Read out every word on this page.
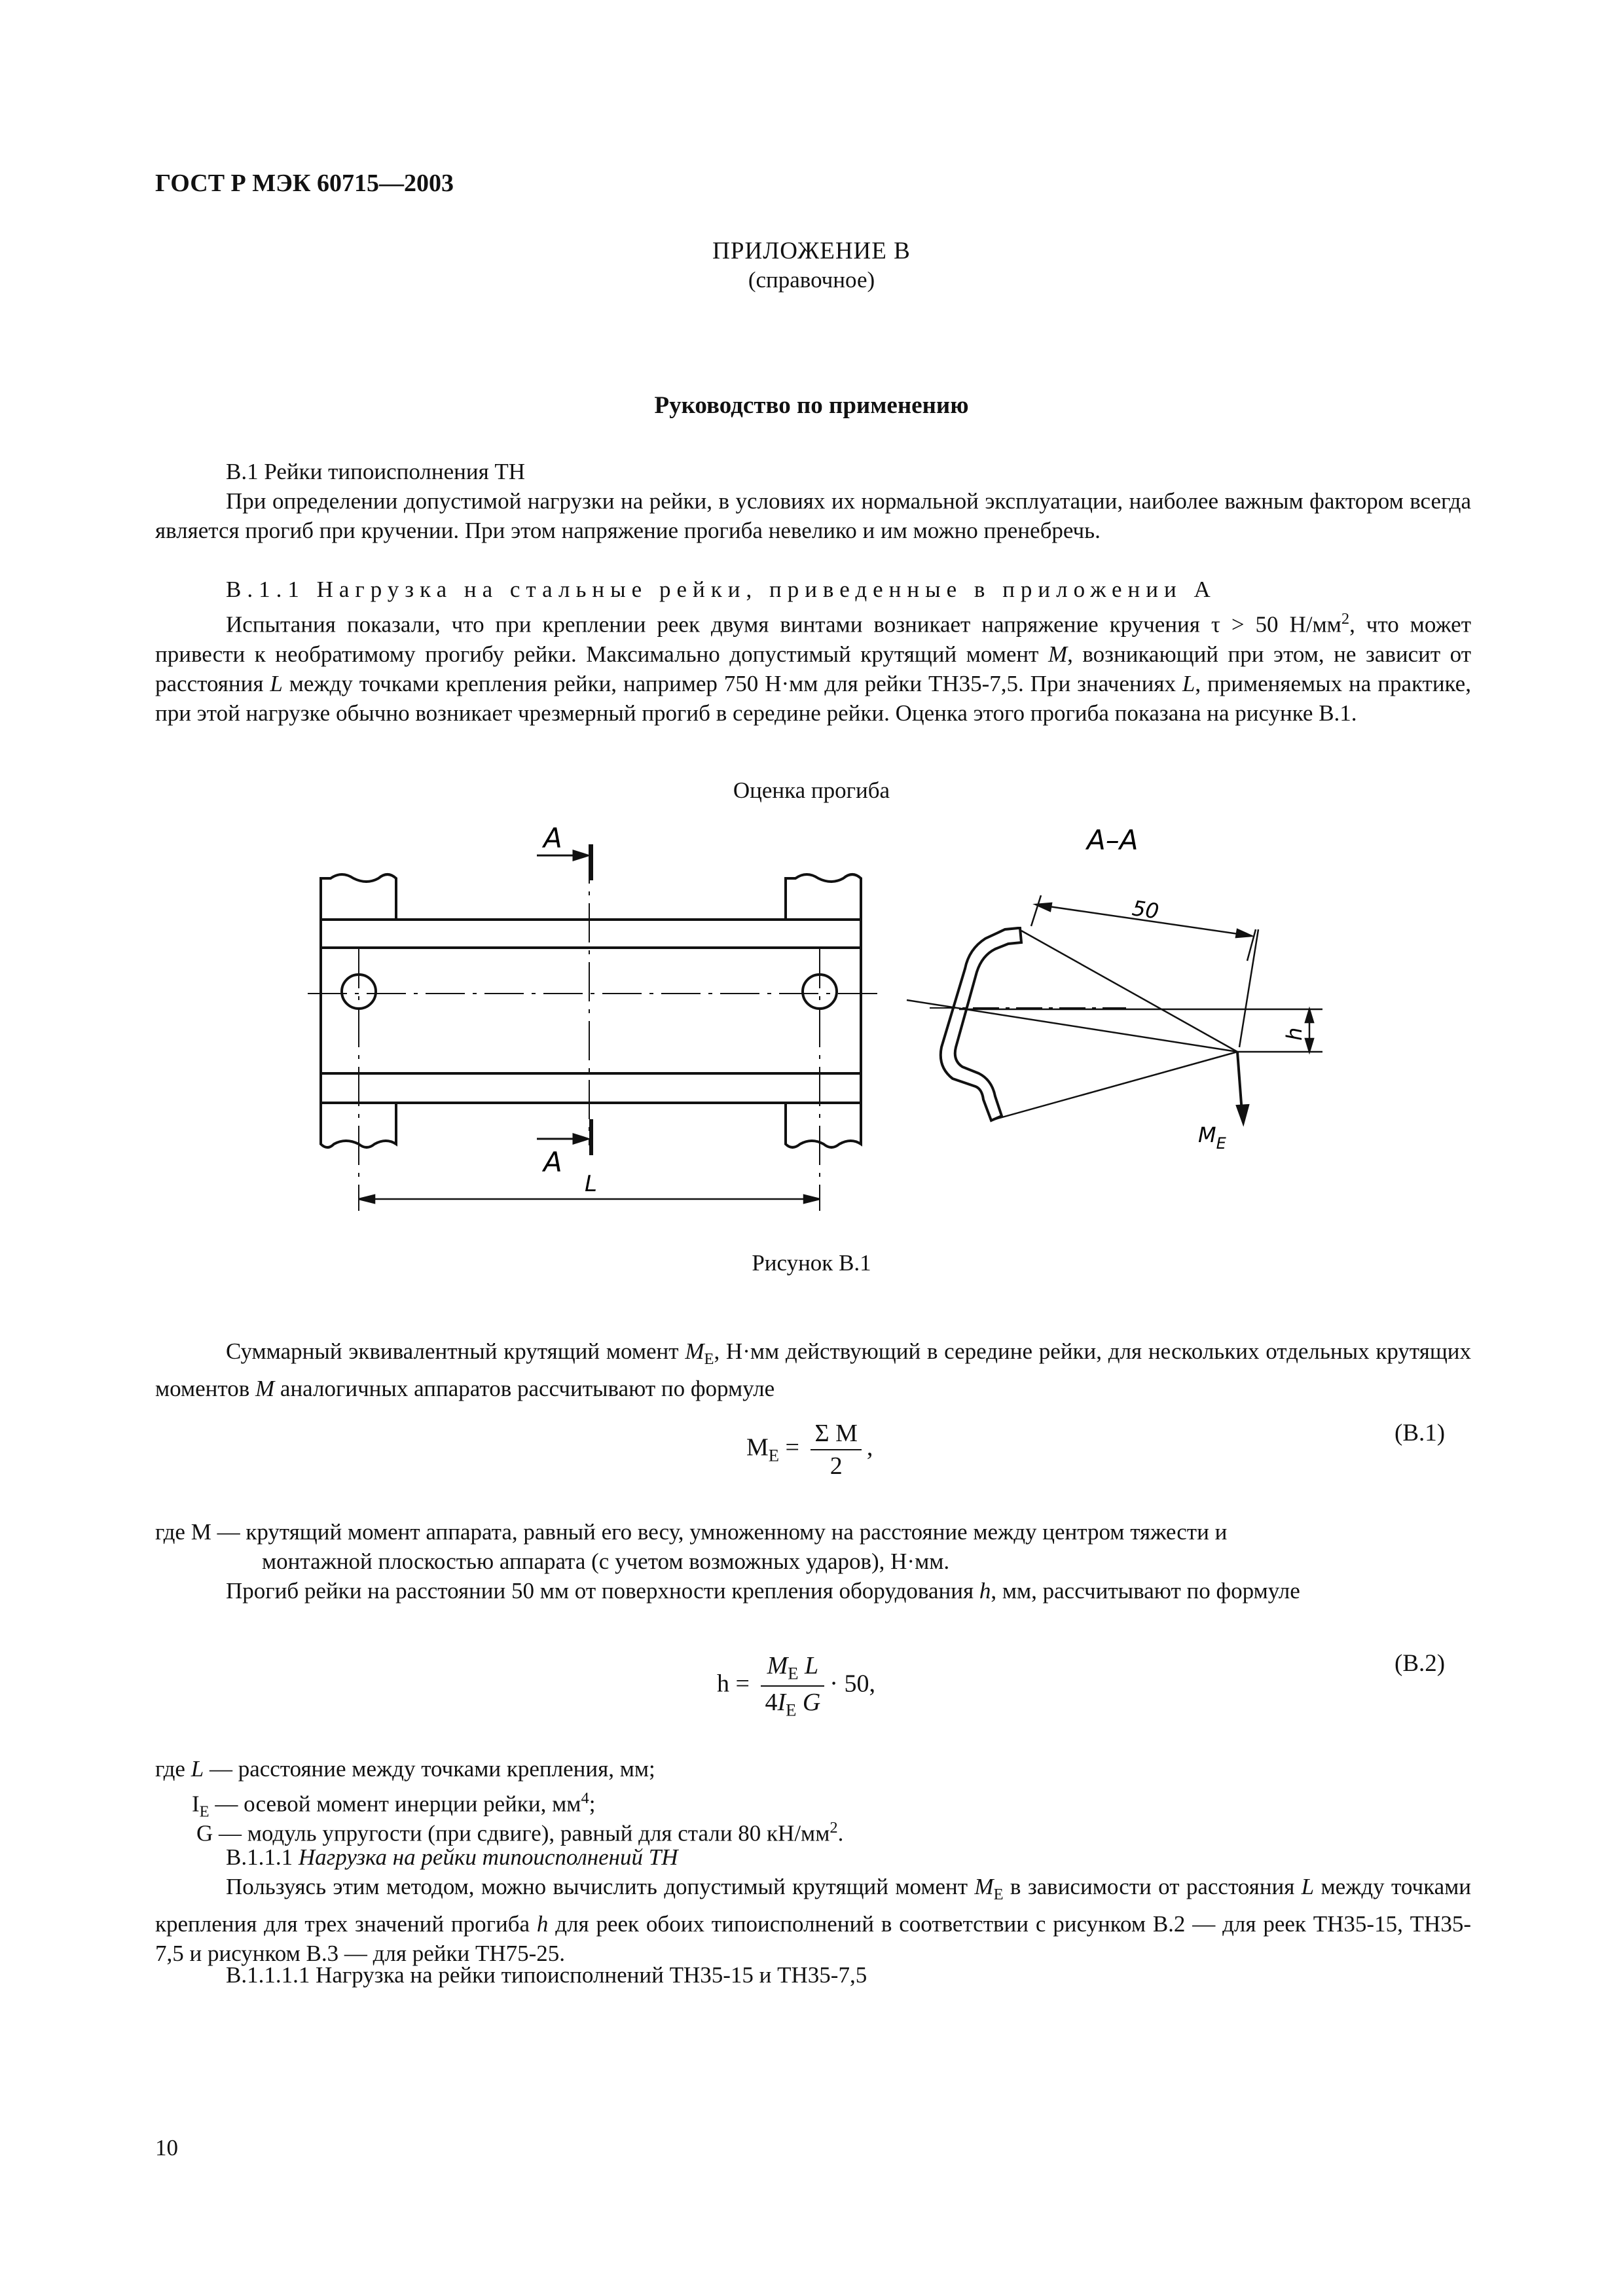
ГОСТ Р МЭК 60715—2003
ПРИЛОЖЕНИЕ В
(справочное)
Руководство по применению
В.1 Рейки типоисполнения ТН

При определении допустимой нагрузки на рейки, в условиях их нормальной эксплуатации, наиболее важным фактором всегда является прогиб при кручении. При этом напряжение прогиба невелико и им можно пренебречь.

В.1.1 Нагрузка на стальные рейки, приведенные в приложении А

Испытания показали, что при креплении реек двумя винтами возникает напряжение кручения τ > 50 $Н/мм^2$, что может привести к необратимому прогибу рейки. Максимально допустимый крутящий момент M, возникающий при этом, не зависит от расстояния L между точками крепления рейки, например 750 Н·мм для рейки ТН35-7,5. При значениях L, применяемых на практике, при этой нагрузке обычно возникает чрезмерный прогиб в середине рейки. Оценка этого прогиба показана на рисунке В.1.

Оценка прогиба
А
А
L
А–А
50
h
$M_E$
Рисунок В.1

Суммарный эквивалентный крутящий момент $M_E$, Н·мм действующий в середине рейки, для нескольких отдельных крутящих моментов M аналогичных аппаратов рассчитывают по формуле

$M_E = \frac{\text{Σ M}}{2}$ ,
(В.1)
где M — крутящий момент аппарата, равный его весу, умноженному на расстояние между центром тяжести и
монтажной плоскостью аппарата (с учетом возможных ударов), Н·мм.

Прогиб рейки на расстоянии 50 мм от поверхности крепления оборудования h, мм, рассчитывают по формуле

$h = \frac{M_E L}{4I_E G} \cdot 50$,
(В.2)
где L — расстояние между точками крепления, мм;
$I_E$ — осевой момент инерции рейки, $мм^4$;
G — модуль упругости (при сдвиге), равный для стали 80 $кН/мм^2$.
В.1.1.1 Нагрузка на рейки типоисполнений ТН

Пользуясь этим методом, можно вычислить допустимый крутящий момент $M_E$ в зависимости от расстояния L между точками крепления для трех значений прогиба h для реек обоих типоисполнений в соответствии с рисунком В.2 — для реек ТН35-15, ТН35-7,5 и рисунком В.3 — для рейки ТН75-25.

В.1.1.1.1 Нагрузка на рейки типоисполнений ТН35-15 и ТН35-7,5
10
